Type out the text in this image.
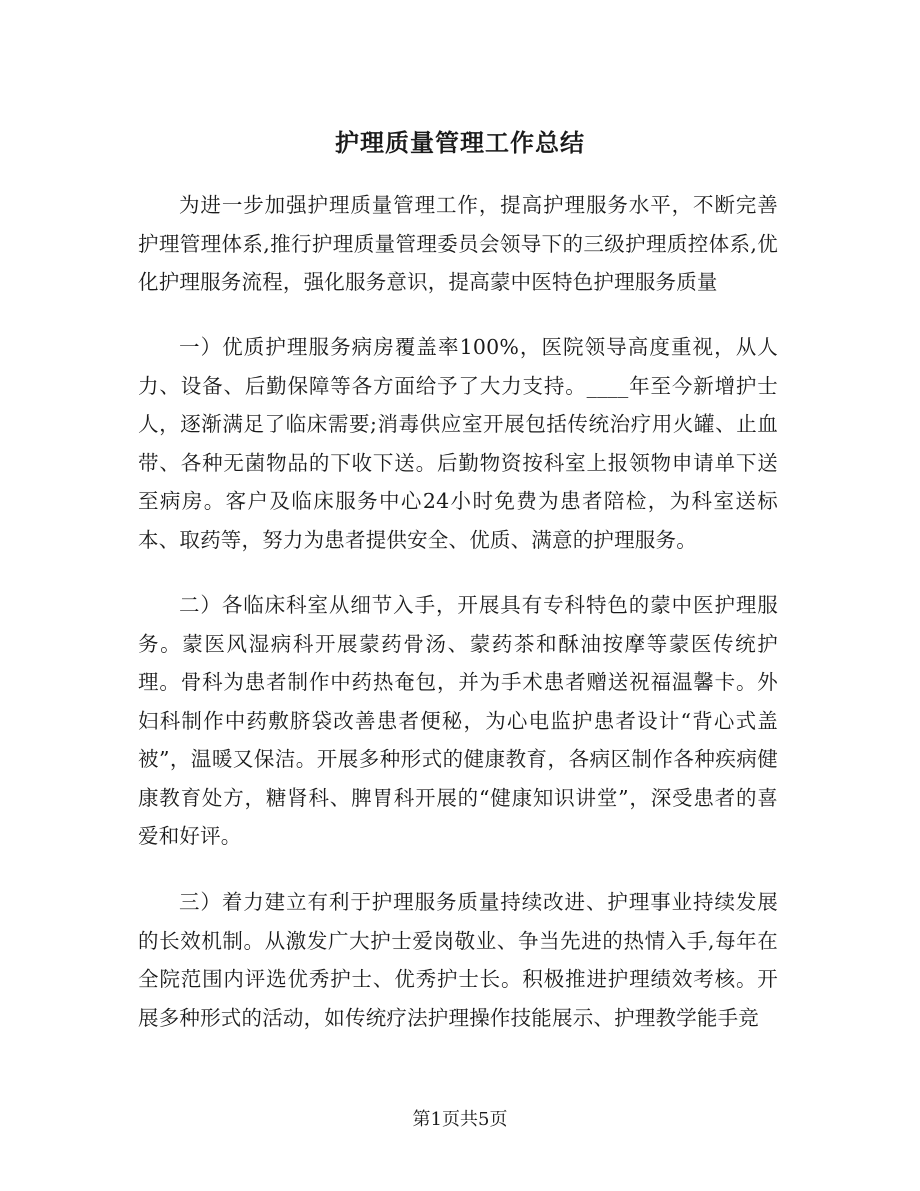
护理质量管理工作总结

为进一步加强护理质量管理工作，提高护理服务水平，不断完善护理管理体系,推行护理质量管理委员会领导下的三级护理质控体系,优化护理服务流程，强化服务意识，提高蒙中医特色护理服务质量

一）优质护理服务病房覆盖率100%，医院领导高度重视，从人力、设备、后勤保障等各方面给予了大力支持。____年至今新增护士人，逐渐满足了临床需要;消毒供应室开展包括传统治疗用火罐、止血带、各种无菌物品的下收下送。后勤物资按科室上报领物申请单下送至病房。客户及临床服务中心24小时免费为患者陪检，为科室送标本、取药等，努力为患者提供安全、优质、满意的护理服务。

二）各临床科室从细节入手，开展具有专科特色的蒙中医护理服务。蒙医风湿病科开展蒙药骨汤、蒙药茶和酥油按摩等蒙医传统护理。骨科为患者制作中药热奄包，并为手术患者赠送祝福温馨卡。外妇科制作中药敷脐袋改善患者便秘，为心电监护患者设计“背心式盖被”，温暖又保洁。开展多种形式的健康教育，各病区制作各种疾病健康教育处方，糖肾科、脾胃科开展的“健康知识讲堂”，深受患者的喜爱和好评。

三）着力建立有利于护理服务质量持续改进、护理事业持续发展的长效机制。从激发广大护士爱岗敬业、争当先进的热情入手,每年在全院范围内评选优秀护士、优秀护士长。积极推进护理绩效考核。开展多种形式的活动，如传统疗法护理操作技能展示、护理教学能手竞

第1页共5页
